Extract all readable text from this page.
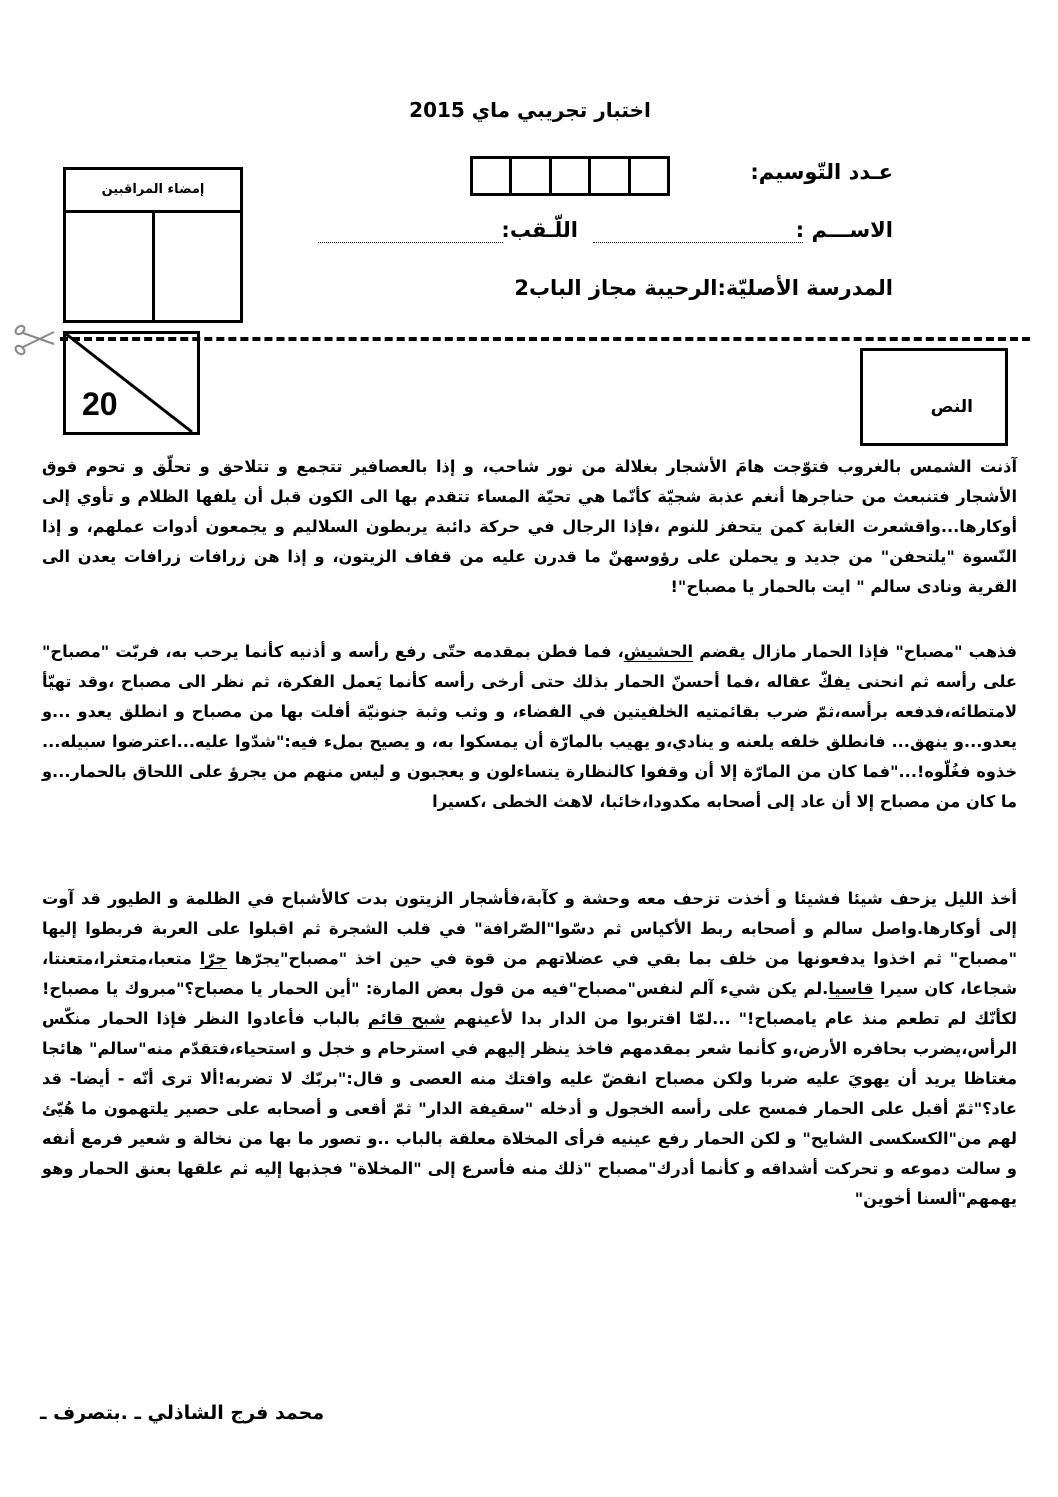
اختبار تجريبي ماي 2015
عـدد التّوسيم:
الاســـم :
اللّـقب:
المدرسة الأصليّة:الرحيبة مجاز الباب2
إمضاء المراقبين
20	النص
آذنت الشمس بالغروب فتوّجت هامَ الأشجار بغلالة من نور شاحب، و إذا بالعصافير تتجمع و تتلاحق و تحلّق و تحوم فوق الأشجار فتنبعث من حناجرها أنغم عذبة شجيّة كأنّما هي تحيّة المساء تتقدم بها الى الكون قبل أن يلفها الظلام و تأوي إلى أوكارها...واقشعرت الغابة كمن يتحفز للنوم ،فإذا الرجال في حركة دائبة يربطون السلاليم و يجمعون أدوات عملهم، و إذا النّسوة "يلتحفن" من جديد و يحملن على رؤوسهنّ ما قدرن عليه من قفاف الزيتون، و إذا هن زرافات زرافات يعدن الى القرية ونادى سالم " ايت بالحمار يا مصباح"!
فذهب "مصباح" فإذا الحمار مازال يقضم الحشيش، فما فطن بمقدمه حتّى رفع رأسه و أذنيه كأنما يرحب به، فربّت "مصباح" على رأسه ثم انحنى يفكّ عقاله ،فما أحسنّ الحمار بذلك حتى أرخى رأسه كأنما يَعمل الفكرة، ثم نظر الى مصباح ،وقد تهيّأ لامتطائه،فدفعه برأسه،ثمّ ضرب بقائمتيه الخلفيتين في الفضاء، و وثب وثبة جنونيّة أفلت بها من مصباح و انطلق يعدو ...و يعدو...و ينهق... فانطلق خلفه يلعنه و ينادي،و يهيب بالمارّة أن يمسكوا به، و يصيح بملء فيه:"شدّوا عليه...اعترضوا سبيله... خذوه فغُلّوه!..."فما كان من المارّة إلا أن وقفوا كالنظارة يتساءلون و يعجبون و ليس منهم من يجرؤ على اللحاق بالحمار...و ما كان من مصباح إلا أن عاد إلى أصحابه مكدودا،خائبا، لاهث الخطى ،كسيرا
أخذ الليل يزحف شيئا فشيئا و أخذت تزحف معه وحشة و كآبة،فأشجار الزيتون بدت كالأشباح في الظلمة و الطيور قد آوت إلى أوكارها.واصل سالم و أصحابه ربط الأكياس ثم دسّوا"الصّرافة" في قلب الشجرة ثم اقبلوا على العربة فربطوا إليها "مصباح" ثم اخذوا يدفعونها من خلف بما بقي في عضلاتهم من قوة في حين اخذ "مصباح"يجرّها جرّا متعبا،متعثرا،متعنتا، شجاعا، كان سيرا قاسيا.لم يكن شيء آلم لنفس"مصباح"فيه من قول بعض المارة: "أين الحمار يا مصباح؟"مبروك يا مصباح!لكأنّك لم تطعم منذ عام يامصباح!" ...لمّا اقتربوا من الدار بدا لأعينهم شبح قائم بالباب فأعادوا النظر فإذا الحمار منكّس الرأس،يضرب بحافره الأرض،و كأنما شعر بمقدمهم فاخذ ينظر إليهم في استرحام و خجل و استحياء،فتقدّم منه"سالم" هائجا مغتاظا يريد أن يهويَ عليه ضربا ولكن مصباح انقضّ عليه وافتك منه العصى و قال:"بربّك لا تضربه!ألا ترى أنّه - أيضا- قد عاد؟"ثمّ أقبل على الحمار فمسح على رأسه الخجول و أدخله "سقيفة الدار" ثمّ أقعى و أصحابه على حصير يلتهمون ما هُيّئ لهم من"الكسكسى الشايح" و لكن الحمار رفع عينيه فرأى المخلاة معلقة بالباب ..و تصور ما بها من نخالة و شعير فرمع أنفه و سالت دموعه و تحركت أشداقه و كأنما أدرك"مصباح "ذلك منه فأسرع إلى "المخلاة" فجذبها إليه ثم علقها بعنق الحمار وهو يهمهم"ألسنا أخوين"
محمد فرج الشاذلي ـ .بتصرف ـ
